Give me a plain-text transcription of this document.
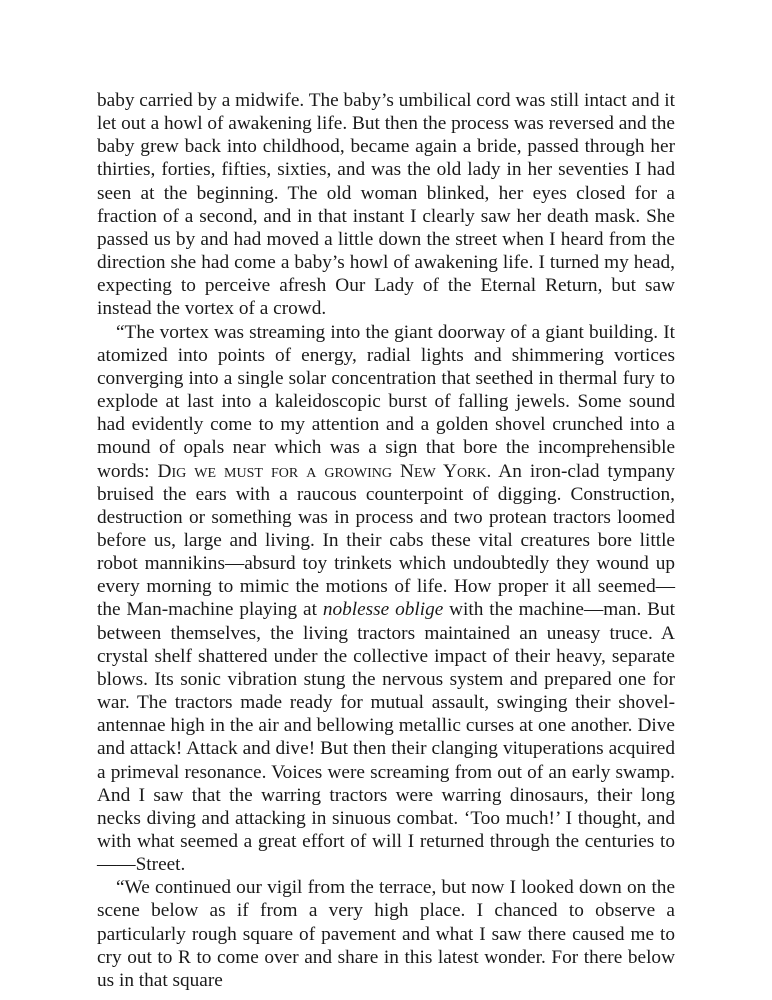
baby carried by a midwife. The baby’s umbilical cord was still intact and it let out a howl of awakening life. But then the process was reversed and the baby grew back into childhood, became again a bride, passed through her thirties, forties, fifties, sixties, and was the old lady in her seventies I had seen at the beginning. The old woman blinked, her eyes closed for a fraction of a second, and in that instant I clearly saw her death mask. She passed us by and had moved a little down the street when I heard from the direction she had come a baby’s howl of awakening life. I turned my head, expecting to perceive afresh Our Lady of the Eternal Return, but saw instead the vortex of a crowd.

“The vortex was streaming into the giant doorway of a giant building. It atomized into points of energy, radial lights and shimmering vortices converging into a single solar concentration that seethed in thermal fury to explode at last into a kaleidoscopic burst of falling jewels. Some sound had evidently come to my attention and a golden shovel crunched into a mound of opals near which was a sign that bore the incomprehensible words: Dig we must for a growing New York. An iron-clad tympany bruised the ears with a raucous counterpoint of digging. Construction, destruction or something was in process and two protean tractors loomed before us, large and living. In their cabs these vital creatures bore little robot mannikins—absurd toy trinkets which undoubtedly they wound up every morning to mimic the motions of life. How proper it all seemed—the Man-machine playing at noblesse oblige with the machine—man. But between themselves, the living tractors maintained an uneasy truce. A crystal shelf shattered under the collective impact of their heavy, separate blows. Its sonic vibration stung the nervous system and prepared one for war. The tractors made ready for mutual assault, swinging their shovel-antennae high in the air and bellowing metallic curses at one another. Dive and attack! Attack and dive! But then their clanging vituperations acquired a primeval resonance. Voices were screaming from out of an early swamp. And I saw that the warring tractors were warring dinosaurs, their long necks diving and attacking in sinuous combat. ‘Too much!’ I thought, and with what seemed a great effort of will I returned through the centuries to——Street.

“We continued our vigil from the terrace, but now I looked down on the scene below as if from a very high place. I chanced to observe a particularly rough square of pavement and what I saw there caused me to cry out to R to come over and share in this latest wonder. For there below us in that square
